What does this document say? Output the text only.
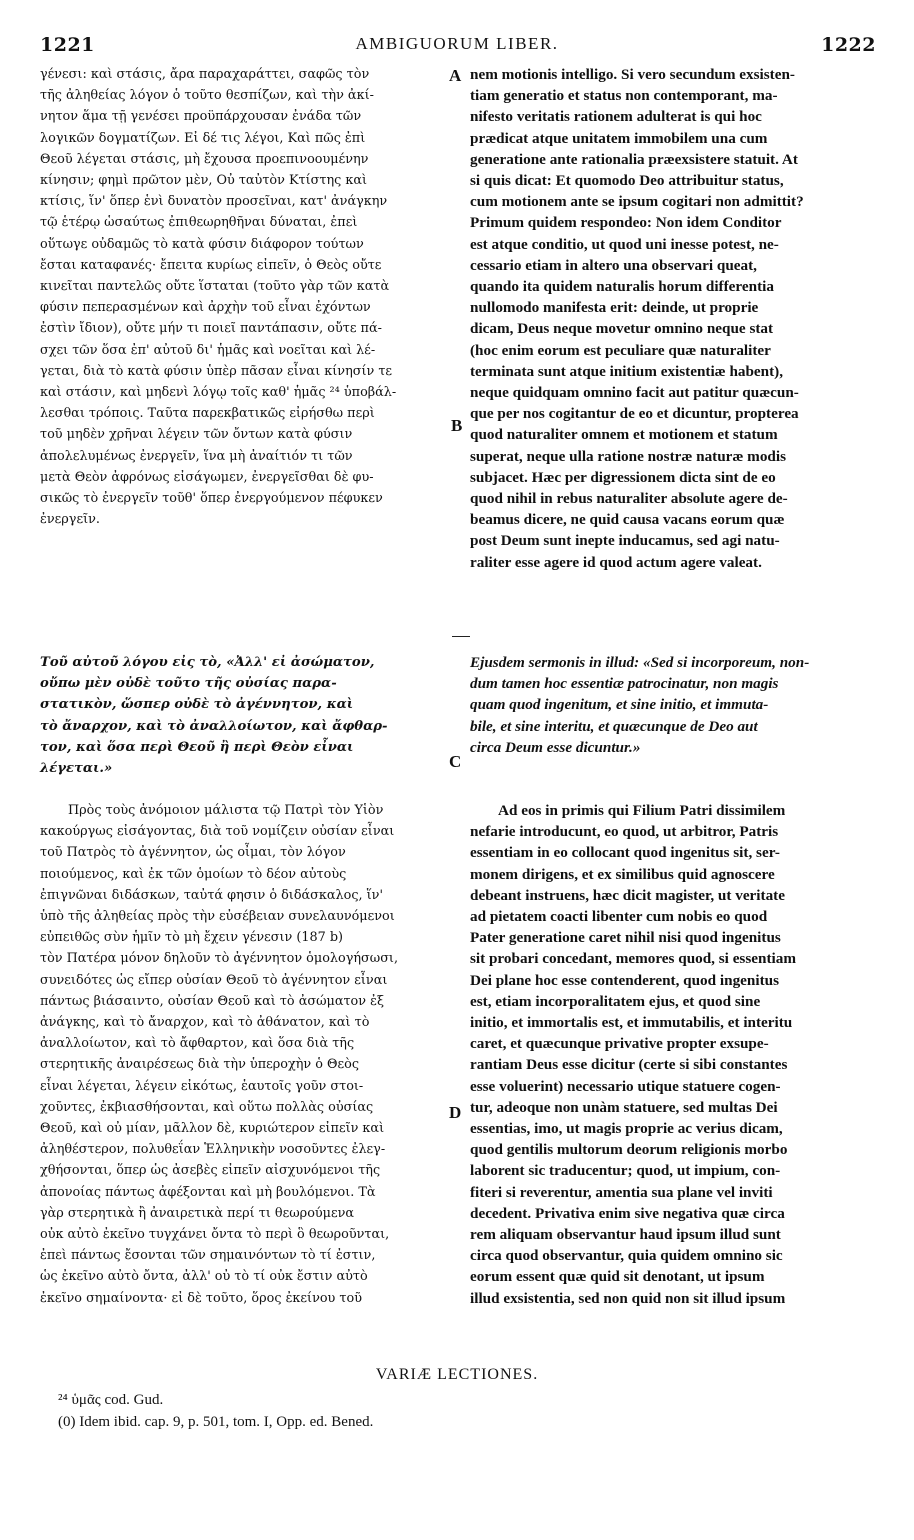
1221	AMBIGUORUM LIBER.	1222

γένεσι: καὶ στάσις, ἄρα παραχαράττει, σαφῶς τὸν
τῆς ἀληθείας λόγον ὁ τοῦτο θεσπίζων, καὶ τὴν ἀκί-
νητον ἅμα τῇ γενέσει προϋπάρχουσαν ἐνάδα τῶν
λογικῶν δογματίζων. Εἰ δέ τις λέγοι, Καὶ πῶς ἐπὶ
Θεοῦ λέγεται στάσις, μὴ ἔχουσα προεπινοουμένην
κίνησιν; φημὶ πρῶτον μὲν, Οὐ ταὐτὸν Κτίστης καὶ
κτίσις, ἵν' ὅπερ ἑνὶ δυνατὸν προσεῖναι, κατ' ἀνάγκην
τῷ ἑτέρῳ ὡσαύτως ἐπιθεωρηθῆναι δύναται, ἐπεὶ
οὕτωγε οὐδαμῶς τὸ κατὰ φύσιν διάφορον τούτων
ἔσται καταφανές· ἔπειτα κυρίως εἰπεῖν, ὁ Θεὸς οὔτε
κινεῖται παντελῶς οὔτε ἵσταται (τοῦτο γὰρ τῶν κατὰ
φύσιν πεπερασμένων καὶ ἀρχὴν τοῦ εἶναι ἐχόντων
ἐστὶν ἴδιον), οὔτε μήν τι ποιεῖ παντάπασιν, οὔτε πά-
σχει τῶν ὅσα ἐπ' αὐτοῦ δι' ἡμᾶς καὶ νοεῖται καὶ λέ-
γεται, διὰ τὸ κατὰ φύσιν ὑπὲρ πᾶσαν εἶναι κίνησίν τε
καὶ στάσιν, καὶ μηδενὶ λόγῳ τοῖς καθ' ἡμᾶς ²⁴ ὑποβάλ-
λεσθαι τρόποις. Ταῦτα παρεκβατικῶς εἰρήσθω περὶ
τοῦ μηδὲν χρῆναι λέγειν τῶν ὄντων κατὰ φύσιν
ἀπολελυμένως ἐνεργεῖν, ἵνα μὴ ἀναίτιόν τι τῶν
μετὰ Θεὸν ἀφρόνως εἰσάγωμεν, ἐνεργεῖσθαι δὲ φυ-
σικῶς τὸ ἐνεργεῖν τοῦθ' ὅπερ ἐνεργούμενον πέφυκεν
ἐνεργεῖν.

nem motionis intelligo. Si vero secundum exsisten-
tiam generatio et status non contemporant, ma-
nifesto veritatis rationem adulterat is qui hoc
prædicat atque unitatem immobilem una cum
generatione ante rationalia præexsistere statuit. At
si quis dicat: Et quomodo Deo attribuitur status,
cum motionem ante se ipsum cogitari non admittit?
Primum quidem respondeo: Non idem Conditor
est atque conditio, ut quod uni inesse potest, ne-
cessario etiam in altero una observari queat,
quando ita quidem naturalis horum differentia
nullomodo manifesta erit: deinde, ut proprie
dicam, Deus neque movetur omnino neque stat
(hoc enim eorum est peculiare quæ naturaliter
terminata sunt atque initium existentiæ habent),
neque quidquam omnino facit aut patitur quæcun-
que per nos cogitantur de eo et dicuntur, propterea
quod naturaliter omnem et motionem et statum
superat, neque ulla ratione nostræ naturæ modis
subjacet. Hæc per digressionem dicta sint de eo
quod nihil in rebus naturaliter absolute agere de-
beamus dicere, ne quid causa vacans eorum quæ
post Deum sunt inepte inducamus, sed agi natu-
raliter esse agere id quod actum agere valeat.

A
B
C
D

Τοῦ αὐτοῦ λόγου εἰς τὸ, «Ἀλλ' εἰ ἀσώματον,
οὔπω μὲν οὐδὲ τοῦτο τῆς οὐσίας παρα-
στατικὸν, ὥσπερ οὐδὲ τὸ ἀγέννητον, καὶ
τὸ ἄναρχον, καὶ τὸ ἀναλλοίωτον, καὶ ἄφθαρ-
τον, καὶ ὅσα περὶ Θεοῦ ἢ περὶ Θεὸν εἶναι
λέγεται.»

Ejusdem sermonis in illud: «Sed si incorporeum, non-
dum tamen hoc essentiæ patrocinatur, non magis
quam quod ingenitum, et sine initio, et immuta-
bile, et sine interitu, et quæcunque de Deo aut
circa Deum esse dicuntur.»

Πρὸς τοὺς ἀνόμοιον μάλιστα τῷ Πατρὶ τὸν Υἱὸν
κακούργως εἰσάγοντας, διὰ τοῦ νομίζειν οὐσίαν εἶναι
τοῦ Πατρὸς τὸ ἀγέννητον, ὡς οἶμαι, τὸν λόγον
ποιούμενος, καὶ ἐκ τῶν ὁμοίων τὸ δέον αὐτοὺς
ἐπιγνῶναι διδάσκων, ταὐτά φησιν ὁ διδάσκαλος, ἵν'
ὑπὸ τῆς ἀληθείας πρὸς τὴν εὐσέβειαν συνελαυνόμενοι
εὐπειθῶς σὺν ἡμῖν τὸ μὴ ἔχειν γένεσιν (187 b)
τὸν Πατέρα μόνον δηλοῦν τὸ ἀγέννητον ὁμολογήσωσι,
συνειδότες ὡς εἴπερ οὐσίαν Θεοῦ τὸ ἀγέννητον εἶναι
πάντως βιάσαιντο, οὐσίαν Θεοῦ καὶ τὸ ἀσώματον ἐξ
ἀνάγκης, καὶ τὸ ἄναρχον, καὶ τὸ ἀθάνατον, καὶ τὸ
ἀναλλοίωτον, καὶ τὸ ἄφθαρτον, καὶ ὅσα διὰ τῆς
στερητικῆς ἀναιρέσεως διὰ τὴν ὑπεροχὴν ὁ Θεὸς
εἶναι λέγεται, λέγειν εἰκότως, ἑαυτοῖς γοῦν στοι-
χοῦντες, ἐκβιασθήσονται, καὶ οὕτω πολλὰς οὐσίας
Θεοῦ, καὶ οὐ μίαν, μᾶλλον δὲ, κυριώτερον εἰπεῖν καὶ
ἀληθέστερον, πολυθεΐαν Ἑλληνικὴν νοσοῦντες ἐλεγ-
χθήσονται, ὅπερ ὡς ἀσεβὲς εἰπεῖν αἰσχυνόμενοι τῆς
ἀπονοίας πάντως ἀφέξονται καὶ μὴ βουλόμενοι. Τὰ
γὰρ στερητικὰ ἢ ἀναιρετικὰ περί τι θεωρούμενα
οὐκ αὐτὸ ἐκεῖνο τυγχάνει ὄντα τὸ περὶ ὃ θεωροῦνται,
ἐπεὶ πάντως ἔσονται τῶν σημαινόντων τὸ τί ἐστιν,
ὡς ἐκεῖνο αὐτὸ ὄντα, ἀλλ' οὐ τὸ τί οὐκ ἔστιν αὐτὸ
ἐκεῖνο σημαίνοντα· εἰ δὲ τοῦτο, ὅρος ἐκείνου τοῦ

Ad eos in primis qui Filium Patri dissimilem
nefarie introducunt, eo quod, ut arbitror, Patris
essentiam in eo collocant quod ingenitus sit, ser-
monem dirigens, et ex similibus quid agnoscere
debeant instruens, hæc dicit magister, ut veritate
ad pietatem coacti libenter cum nobis eo quod
Pater generatione caret nihil nisi quod ingenitus
sit probari concedant, memores quod, si essentiam
Dei plane hoc esse contenderent, quod ingenitus
est, etiam incorporalitatem ejus, et quod sine
initio, et immortalis est, et immutabilis, et interitu
caret, et quæcunque privative propter exsupe-
rantiam Deus esse dicitur (certe si sibi constantes
esse voluerint) necessario utique statuere cogen-
tur, adeoque non unàm statuere, sed multas Dei
essentias, imo, ut magis proprie ac verius dicam,
quod gentilis multorum deorum religionis morbo
laborent sic traducentur; quod, ut impium, con-
fiteri si reverentur, amentia sua plane vel inviti
decedent. Privativa enim sive negativa quæ circa
rem aliquam observantur haud ipsum illud sunt
circa quod observantur, quia quidem omnino sic
eorum essent quæ quid sit denotant, ut ipsum
illud exsistentia, sed non quid non sit illud ipsum

VARIÆ LECTIONES.
²⁴ ὑμᾶς cod. Gud.
(0) Idem ibid. cap. 9, p. 501, tom. I, Opp. ed. Bened.
